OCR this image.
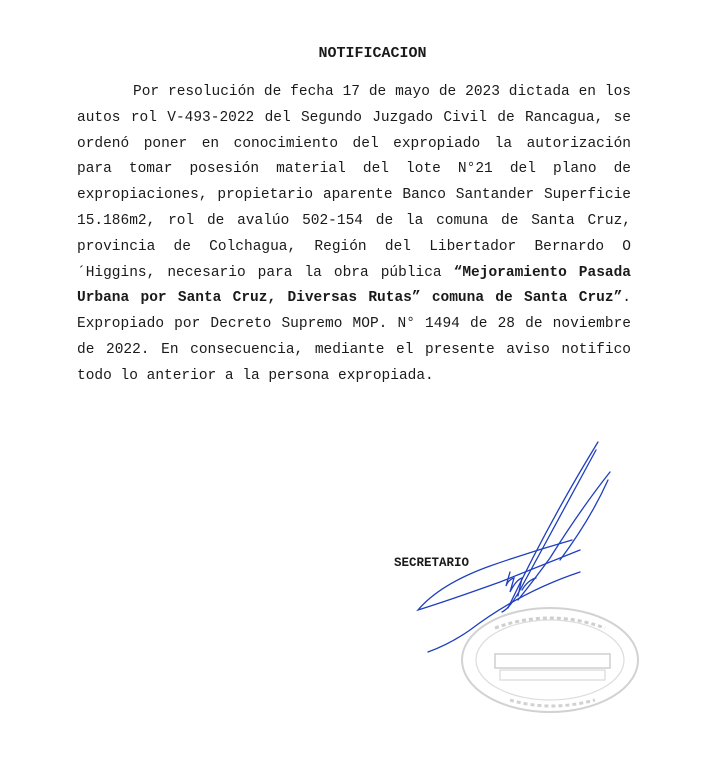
NOTIFICACION

Por resolución de fecha 17 de mayo de 2023 dictada en los autos rol V-493-2022 del Segundo Juzgado Civil de Rancagua, se ordenó poner en conocimiento del expropiado la autorización para tomar posesión material del lote N°21 del plano de expropiaciones, propietario aparente Banco Santander Superficie 15.186m2, rol de avalúo 502-154 de la comuna de Santa Cruz, provincia de Colchagua, Región del Libertador Bernardo O´Higgins, necesario para la obra pública “Mejoramiento Pasada Urbana por Santa Cruz, Diversas Rutas” comuna de Santa Cruz”. Expropiado por Decreto Supremo MOP. N° 1494 de 28 de noviembre de 2022. En consecuencia, mediante el presente aviso notifico todo lo anterior a la persona expropiada.

SECRETARIO
